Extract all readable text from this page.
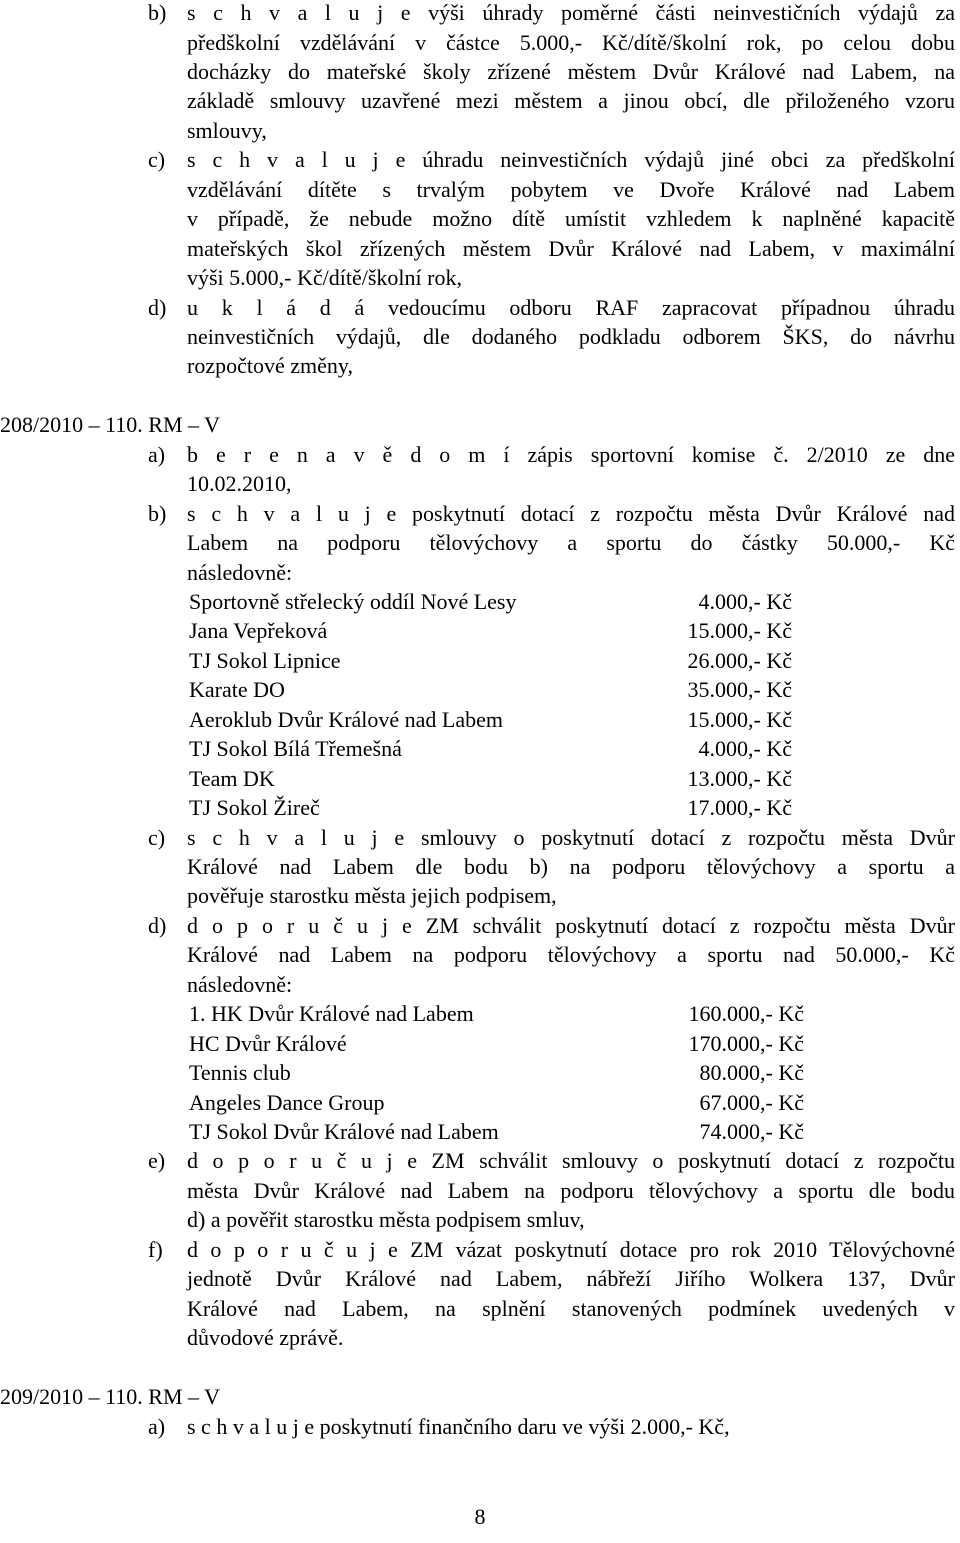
b) s c h v a l u j e výši úhrady poměrné části neinvestičních výdajů za
předškolní vzdělávání v částce 5.000,- Kč/dítě/školní rok, po celou dobu
docházky do mateřské školy zřízené městem Dvůr Králové nad Labem, na
základě smlouvy uzavřené mezi městem a jinou obcí, dle přiloženého vzoru
smlouvy,
c) s c h v a l u j e úhradu neinvestičních výdajů jiné obci za předškolní
vzdělávání dítěte s trvalým pobytem ve Dvoře Králové nad Labem
v případě, že nebude možno dítě umístit vzhledem k naplněné kapacitě
mateřských škol zřízených městem Dvůr Králové nad Labem, v maximální
výši 5.000,- Kč/dítě/školní rok,
d) u k l á d á vedoucímu odboru RAF zapracovat případnou úhradu
neinvestičních výdajů, dle dodaného podkladu odborem ŠKS, do návrhu
rozpočtové změny,
208/2010 – 110. RM – V
a) b e r e n a v ě d o m í zápis sportovní komise č. 2/2010 ze dne
10.02.2010,
b) s c h v a l u j e poskytnutí dotací z rozpočtu města Dvůr Králové nad
Labem na podporu tělovýchovy a sportu do částky 50.000,- Kč
následovně:
Sportovně střelecký oddíl Nové Lesy	4.000,- Kč
Jana Vepřeková	15.000,- Kč
TJ Sokol Lipnice	26.000,- Kč
Karate DO	35.000,- Kč
Aeroklub Dvůr Králové nad Labem	15.000,- Kč
TJ Sokol Bílá Třemešná	4.000,- Kč
Team DK	13.000,- Kč
TJ Sokol Žireč	17.000,- Kč
c) s c h v a l u j e smlouvy o poskytnutí dotací z rozpočtu města Dvůr
Králové nad Labem dle bodu b) na podporu tělovýchovy a sportu a
pověřuje starostku města jejich podpisem,
d) d o p o r u č u j e ZM schválit poskytnutí dotací z rozpočtu města Dvůr
Králové nad Labem na podporu tělovýchovy a sportu nad 50.000,- Kč
následovně:
1. HK Dvůr Králové nad Labem	160.000,- Kč
HC Dvůr Králové	170.000,- Kč
Tennis club	80.000,- Kč
Angeles Dance Group	67.000,- Kč
TJ Sokol Dvůr Králové nad Labem	74.000,- Kč
e) d o p o r u č u j e ZM schválit smlouvy o poskytnutí dotací z rozpočtu
města Dvůr Králové nad Labem na podporu tělovýchovy a sportu dle bodu
d) a pověřit starostku města podpisem smluv,
f) d o p o r u č u j e ZM vázat poskytnutí dotace pro rok 2010 Tělovýchovné
jednotě Dvůr Králové nad Labem, nábřeží Jiřího Wolkera 137, Dvůr
Králové nad Labem, na splnění stanovených podmínek uvedených v
důvodové zprávě.
209/2010 – 110. RM – V
a) s c h v a l u j e poskytnutí finančního daru ve výši 2.000,- Kč,
8
